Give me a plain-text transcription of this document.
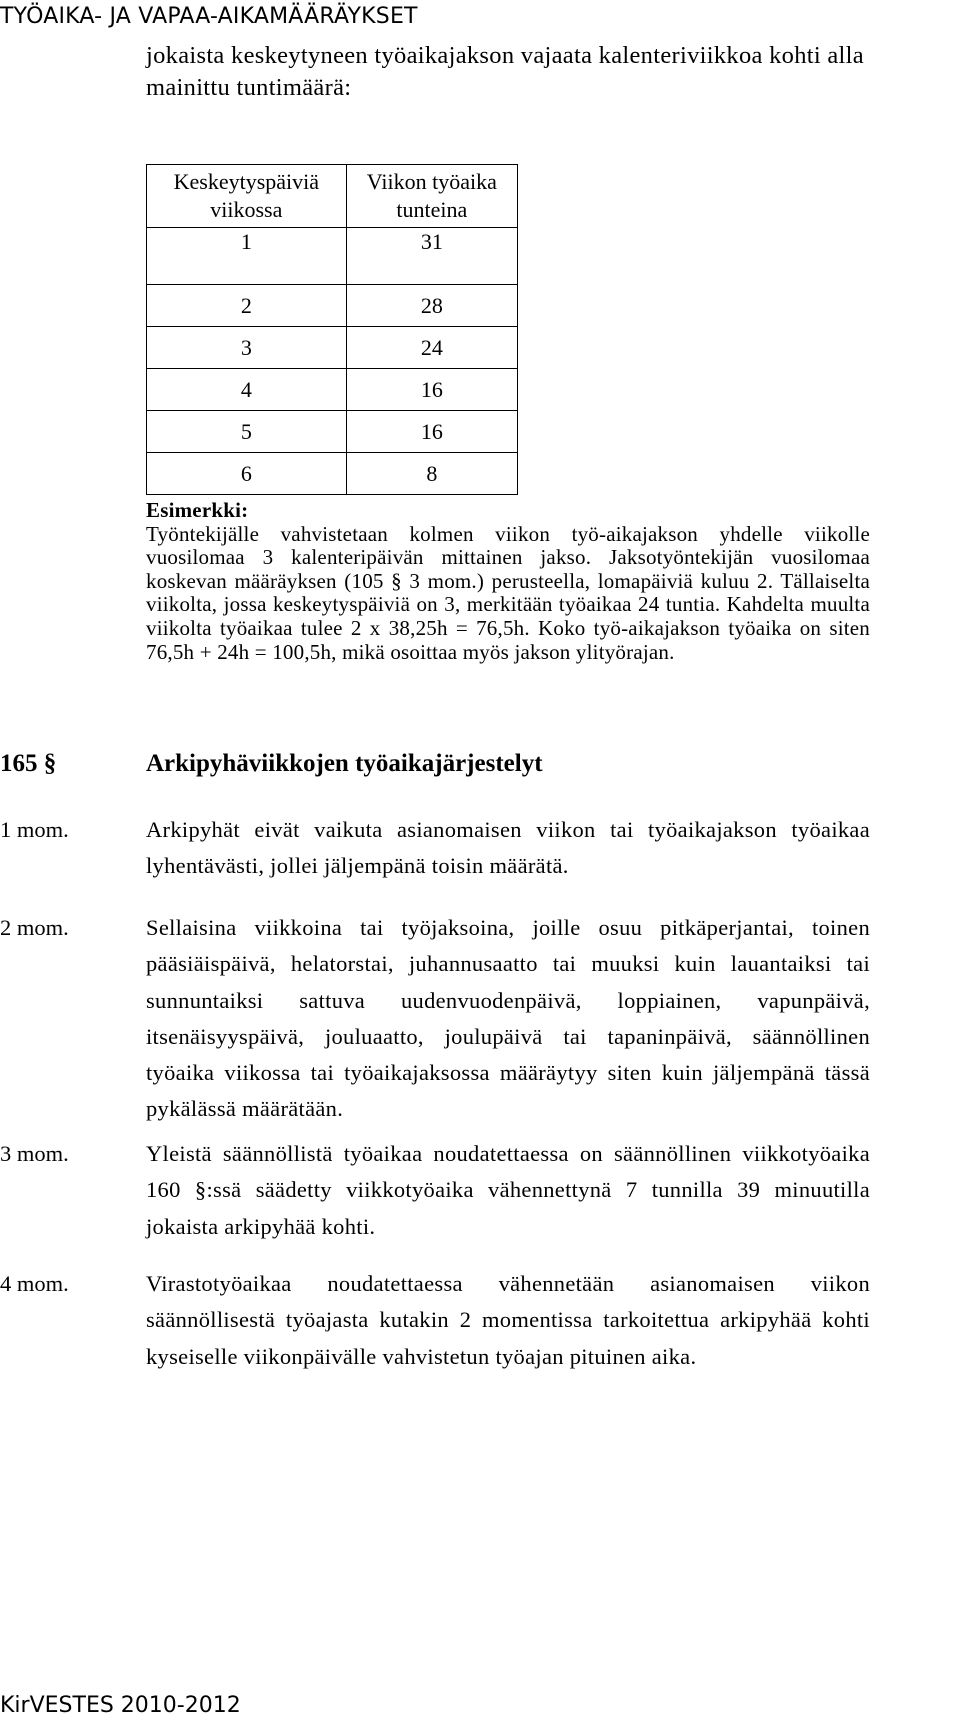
TYÖAIKA- JA VAPAA-AIKAMÄÄRÄYKSET
jokaista keskeytyneen työaikajakson vajaata kalenteriviikkoa kohti alla mainittu tuntimäärä:
Keskeytyspäiviä viikossa	Viikon työaika tunteina
1	31
2	28
3	24
4	16
5	16
6	8
Esimerkki:
Työntekijälle vahvistetaan kolmen viikon työ-aikajakson yhdelle viikolle vuosilomaa 3 kalenteripäivän mittainen jakso. Jaksotyöntekijän vuosilomaa koskevan määräyksen (105 § 3 mom.) perusteella, lomapäiviä kuluu 2. Tällaiselta viikolta, jossa keskeytyspäiviä on 3, merkitään työaikaa 24 tuntia. Kahdelta muulta viikolta työaikaa tulee 2 x 38,25h = 76,5h. Koko työ-aikajakson työaika on siten 76,5h + 24h = 100,5h, mikä osoittaa myös jakson ylityörajan.
165 §	Arkipyhäviikkojen työaikajärjestelyt
1 mom.	Arkipyhät eivät vaikuta asianomaisen viikon tai työaikajakson työaikaa lyhentävästi, jollei jäljempänä toisin määrätä.
2 mom.	Sellaisina viikkoina tai työjaksoina, joille osuu pitkäperjantai, toinen pääsiäispäivä, helatorstai, juhannusaatto tai muuksi kuin lauantaiksi tai sunnuntaiksi sattuva uudenvuodenpäivä, loppiainen, vapunpäivä, itsenäisyyspäivä, jouluaatto, joulupäivä tai tapaninpäivä, säännöllinen työaika viikossa tai työaikajaksossa määräytyy siten kuin jäljempänä tässä pykälässä määrätään.
3 mom.	Yleistä säännöllistä työaikaa noudatettaessa on säännöllinen viikkotyöaika 160 §:ssä säädetty viikkotyöaika vähennettynä 7 tunnilla 39 minuutilla jokaista arkipyhää kohti.
4 mom.	Virastotyöaikaa noudatettaessa vähennetään asianomaisen viikon säännöllisestä työajasta kutakin 2 momentissa tarkoitettua arkipyhää kohti kyseiselle viikonpäivälle vahvistetun työajan pituinen aika.
KirVESTES 2010-2012
